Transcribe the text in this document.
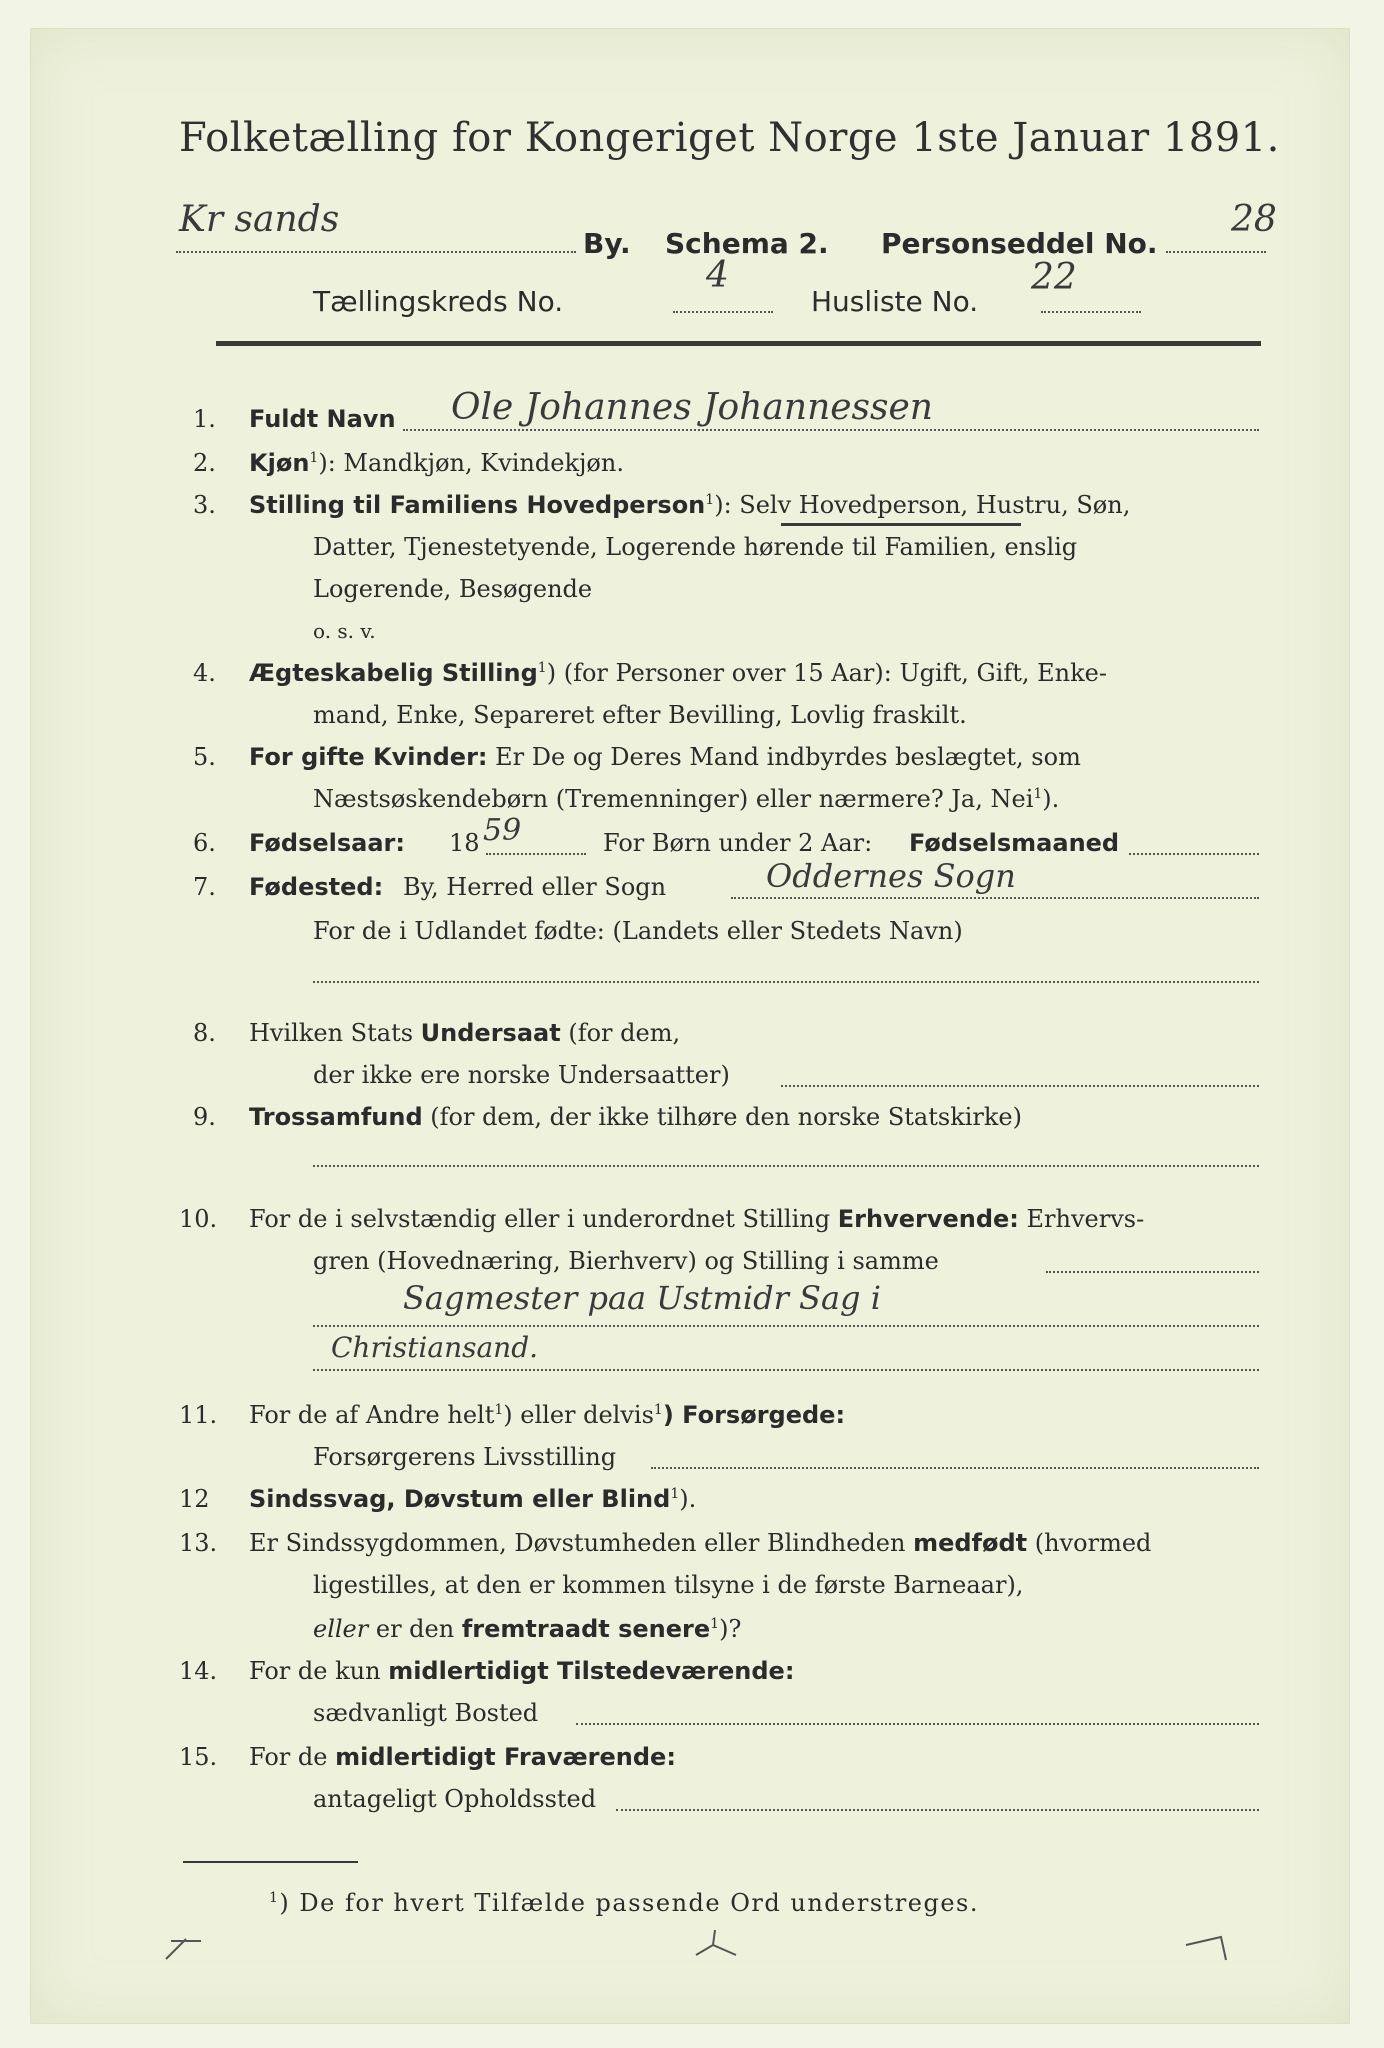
Folketælling for Kongeriget Norge 1ste Januar 1891.
Kr sands
By. Schema 2. Personseddel No.
28
Tællingskreds No.
4
Husliste No.
22
1. Fuldt Navn Ole Johannes Johannessen
2. Kjøn$^1$): Mandkjøn, Kvindekjøn.
3. Stilling til Familiens Hovedperson$^1$): Selv Hovedperson, Hustru, Søn,
Datter, Tjenestetyende, Logerende hørende til Familien, enslig
Logerende, Besøgende
o. s. v.
4. Ægteskabelig Stilling$^1$) (for Personer over 15 Aar): Ugift, Gift, Enke-
mand, Enke, Separeret efter Bevilling, Lovlig fraskilt.
5. For gifte Kvinder: Er De og Deres Mand indbyrdes beslægtet, som
Næstsøskendebørn (Tremenninger) eller nærmere? Ja, Nei$^1$).
6. Fødselsaar: 18 59	For Børn under 2 Aar: Fødselsmaaned
7. Fødested: By, Herred eller Sogn	Oddernes Sogn
For de i Udlandet fødte: (Landets eller Stedets Navn)
8. Hvilken Stats Undersaat (for dem,
der ikke ere norske Undersaatter)
9. Trossamfund (for dem, der ikke tilhøre den norske Statskirke)
10. For de i selvstændig eller i underordnet Stilling Erhvervende: Erhvervs-
gren (Hovednæring, Bierhverv) og Stilling i samme
Sagmester paa Ustmidr Sag i
Christiansand.
11. For de af Andre helt$^1$) eller delvis$^1$) Forsørgede:
Forsørgerens Livsstilling
12 Sindssvag, Døvstum eller Blind$^1$).
13. Er Sindssygdommen, Døvstumheden eller Blindheden medfødt (hvormed
ligestilles, at den er kommen tilsyne i de første Barneaar),
eller er den fremtraadt senere$^1$)?
14. For de kun midlertidigt Tilstedeværende:
sædvanligt Bosted
15. For de midlertidigt Fraværende:
antageligt Opholdssted
$^1$) De for hvert Tilfælde passende Ord understreges.
